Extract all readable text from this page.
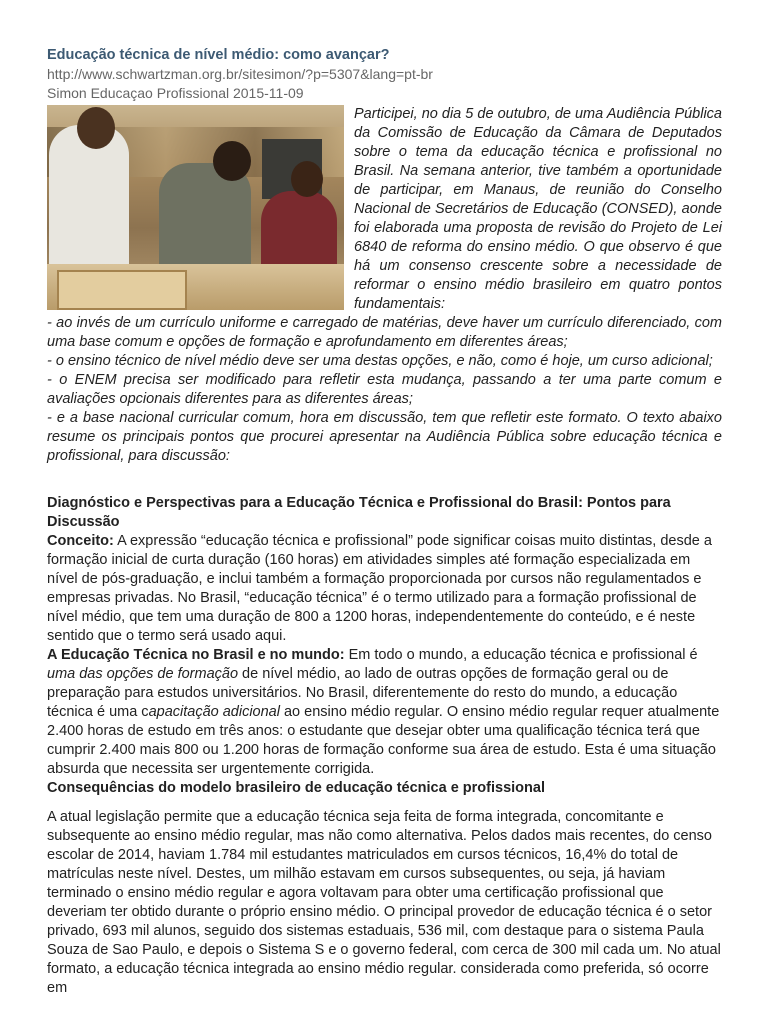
Educação técnica de nível médio: como avançar?
http://www.schwartzman.org.br/sitesimon/?p=5307&lang=pt-br
Simon Educaçao Profissional 2015-11-09

Participei, no dia 5 de outubro, de uma Audiência Pública da Comissão de Educação da Câmara de Deputados sobre o tema da educação técnica e profissional no Brasil. Na semana anterior, tive também a oportunidade de participar, em Manaus, de reunião do Conselho Nacional de Secretários de Educação (CONSED), aonde foi elaborada uma proposta de revisão do Projeto de Lei 6840 de reforma do ensino médio. O que observo é que há um consenso crescente sobre a necessidade de reformar o ensino médio brasileiro em quatro pontos fundamentais:

- ao invés de um currículo uniforme e carregado de matérias, deve haver um currículo diferenciado, com uma base comum e opções de formação e aprofundamento em diferentes áreas;

- o ensino técnico de nível médio deve ser uma destas opções, e não, como é hoje, um curso adicional;

- o ENEM precisa ser modificado para refletir esta mudança, passando a ter uma parte comum e avaliações opcionais diferentes para as diferentes áreas;

- e a base nacional curricular comum, hora em discussão, tem que refletir este formato. O texto abaixo resume os principais pontos que procurei apresentar na Audiência Pública sobre educação técnica e profissional, para discussão:

Diagnóstico e Perspectivas para a Educação Técnica e Profissional do Brasil: Pontos para Discussão

Conceito: A expressão “educação técnica e profissional” pode significar coisas muito distintas, desde a formação inicial de curta duração (160 horas) em atividades simples até formação especializada em nível de pós-graduação, e inclui também a formação proporcionada por cursos não regulamentados e empresas privadas. No Brasil, “educação técnica” é o termo utilizado para a formação profissional de nível médio, que tem uma duração de 800 a 1200 horas, independentemente do conteúdo, e é neste sentido que o termo será usado aqui.

A Educação Técnica no Brasil e no mundo: Em todo o mundo, a educação técnica e profissional é uma das opções de formação de nível médio, ao lado de outras opções de formação geral ou de preparação para estudos universitários. No Brasil, diferentemente do resto do mundo, a educação técnica é uma capacitação adicional ao ensino médio regular. O ensino médio regular requer atualmente 2.400 horas de estudo em três anos: o estudante que desejar obter uma qualificação técnica terá que cumprir 2.400 mais 800 ou 1.200 horas de formação conforme sua área de estudo. Esta é uma situação absurda que necessita ser urgentemente corrigida.

Consequências do modelo brasileiro de educação técnica e profissional

A atual legislação permite que a educação técnica seja feita de forma integrada, concomitante e subsequente ao ensino médio regular, mas não como alternativa. Pelos dados mais recentes, do censo escolar de 2014, haviam 1.784 mil estudantes matriculados em cursos técnicos, 16,4% do total de matrículas neste nível. Destes, um milhão estavam em cursos subsequentes, ou seja, já haviam terminado o ensino médio regular e agora voltavam para obter uma certificação profissional que deveriam ter obtido durante o próprio ensino médio. O principal provedor de educação técnica é o setor privado, 693 mil alunos, seguido dos sistemas estaduais, 536 mil, com destaque para o sistema Paula Souza de Sao Paulo, e depois o Sistema S e o governo federal, com cerca de 300 mil cada um. No atual formato, a educação técnica integrada ao ensino médio regular. considerada como preferida, só ocorre em
